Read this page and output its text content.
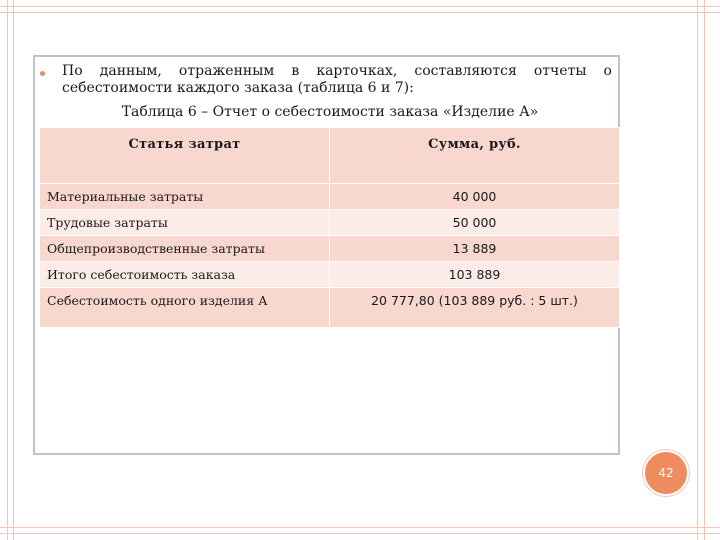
По данным, отраженным в карточках, составляются отчеты о себестоимости каждого заказа (таблица 6 и 7):
Таблица 6 – Отчет о себестоимости заказа «Изделие А»
Статья затрат	Сумма, руб.
Материальные затраты	40 000
Трудовые затраты	50 000
Общепроизводственные затраты	13 889
Итого себестоимость заказа	103 889
Себестоимость одного изделия А	20 777,80 (103 889 руб. : 5 шт.)
42
